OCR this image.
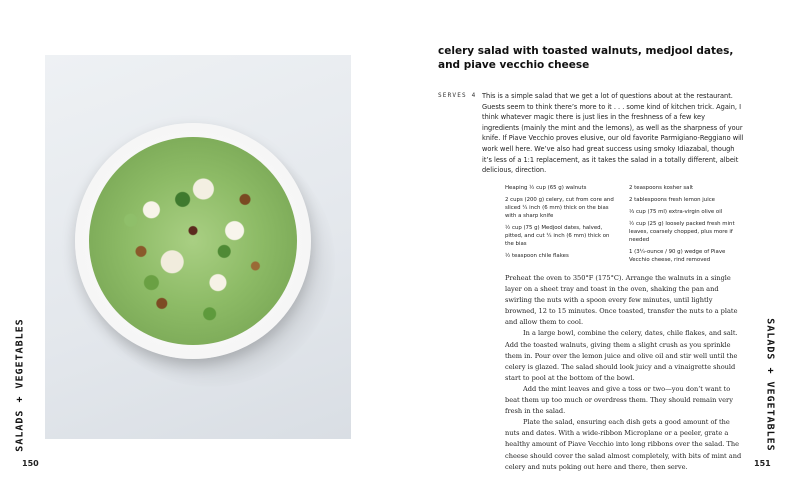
SALADS + VEGETABLES
150
celery salad with toasted walnuts, medjool dates, and piave vecchio cheese
SERVES 4 This is a simple salad that we get a lot of questions about at the restaurant. Guests seem to think there’s more to it . . . some kind of kitchen trick. Again, I think whatever magic there is just lies in the freshness of a few key ingredients (mainly the mint and the lemons), as well as the sharpness of your knife. If Piave Vecchio proves elusive, our old favorite Parmigiano-Reggiano will work well here. We’ve also had great success using smoky Idiazabal, though it’s less of a 1:1 replacement, as it takes the salad in a totally different, albeit delicious, direction.
Heaping ½ cup (65 g) walnuts
2 cups (200 g) celery, cut from core and sliced ¼ inch (6 mm) thick on the bias with a sharp knife
½ cup (75 g) Medjool dates, halved, pitted, and cut ¼ inch (6 mm) thick on the bias
½ teaspoon chile flakes
2 teaspoons kosher salt
2 tablespoons fresh lemon juice
⅓ cup (75 ml) extra-virgin olive oil
½ cup (25 g) loosely packed fresh mint leaves, coarsely chopped, plus more if needed
1 (3¼-ounce / 90 g) wedge of Piave Vecchio cheese, rind removed

Preheat the oven to 350°F (175°C). Arrange the walnuts in a single layer on a sheet tray and toast in the oven, shaking the pan and swirling the nuts with a spoon every few minutes, until lightly browned, 12 to 15 minutes. Once toasted, transfer the nuts to a plate and allow them to cool.

In a large bowl, combine the celery, dates, chile flakes, and salt. Add the toasted walnuts, giving them a slight crush as you sprinkle them in. Pour over the lemon juice and olive oil and stir well until the celery is glazed. The salad should look juicy and a vinaigrette should start to pool at the bottom of the bowl.

Add the mint leaves and give a toss or two—you don’t want to beat them up too much or overdress them. They should remain very fresh in the salad.

Plate the salad, ensuring each dish gets a good amount of the nuts and dates. With a wide-ribbon Microplane or a peeler, grate a healthy amount of Piave Vecchio into long ribbons over the salad. The cheese should cover the salad almost completely, with bits of mint and celery and nuts poking out here and there, then serve.

SALADS + VEGETABLES
151
